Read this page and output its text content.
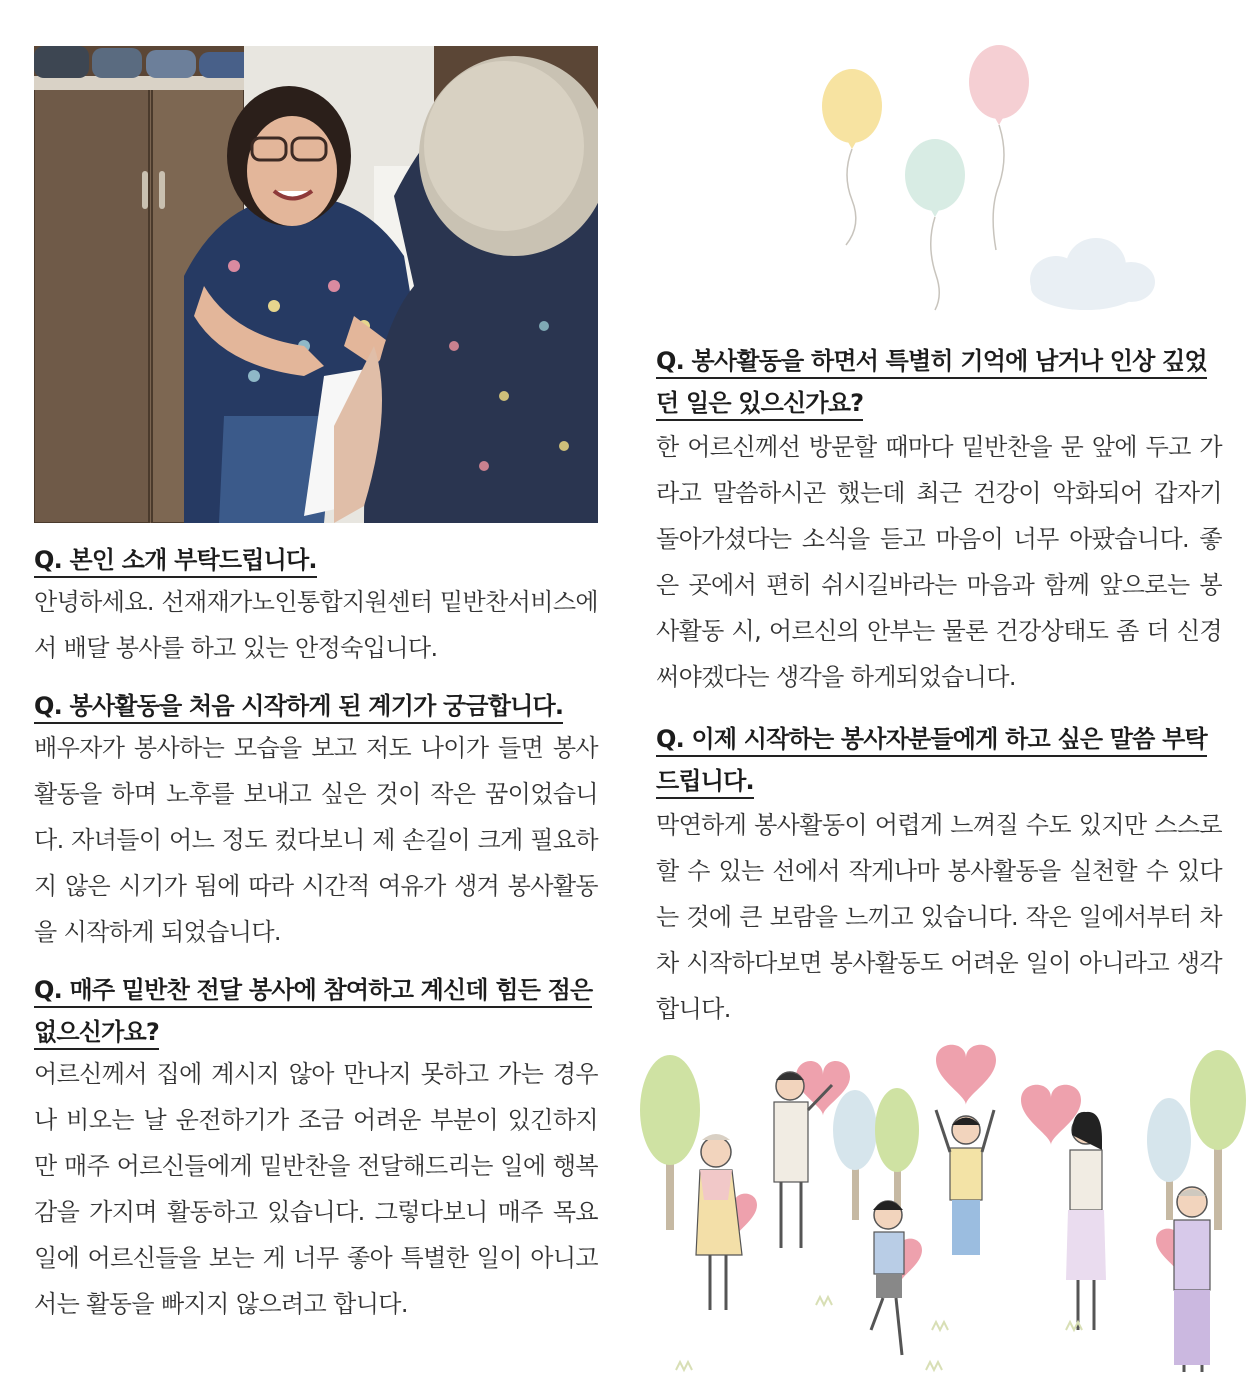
Q. 본인 소개 부탁드립니다.

안녕하세요. 선재재가노인통합지원센터 밑반찬서비스에서 배달 봉사를 하고 있는 안정숙입니다.

Q. 봉사활동을 처음 시작하게 된 계기가 궁금합니다.

배우자가 봉사하는 모습을 보고 저도 나이가 들면 봉사활동을 하며 노후를 보내고 싶은 것이 작은 꿈이었습니다. 자녀들이 어느 정도 컸다보니 제 손길이 크게 필요하지 않은 시기가 됨에 따라 시간적 여유가 생겨 봉사활동을 시작하게 되었습니다.

Q. 매주 밑반찬 전달 봉사에 참여하고 계신데 힘든 점은 없으신가요?

어르신께서 집에 계시지 않아 만나지 못하고 가는 경우나 비오는 날 운전하기가 조금 어려운 부분이 있긴하지만 매주 어르신들에게 밑반찬을 전달해드리는 일에 행복감을 가지며 활동하고 있습니다. 그렇다보니 매주 목요일에 어르신들을 보는 게 너무 좋아 특별한 일이 아니고서는 활동을 빠지지 않으려고 합니다.

Q. 봉사활동을 하면서 특별히 기억에 남거나 인상 깊었던 일은 있으신가요?

한 어르신께선 방문할 때마다 밑반찬을 문 앞에 두고 가라고 말씀하시곤 했는데 최근 건강이 악화되어 갑자기 돌아가셨다는 소식을 듣고 마음이 너무 아팠습니다. 좋은 곳에서 편히 쉬시길바라는 마음과 함께 앞으로는 봉사활동 시, 어르신의 안부는 물론 건강상태도 좀 더 신경써야겠다는 생각을 하게되었습니다.

Q. 이제 시작하는 봉사자분들에게 하고 싶은 말씀 부탁드립니다.

막연하게 봉사활동이 어렵게 느껴질 수도 있지만 스스로 할 수 있는 선에서 작게나마 봉사활동을 실천할 수 있다는 것에 큰 보람을 느끼고 있습니다. 작은 일에서부터 차차 시작하다보면 봉사활동도 어려운 일이 아니라고 생각합니다.
